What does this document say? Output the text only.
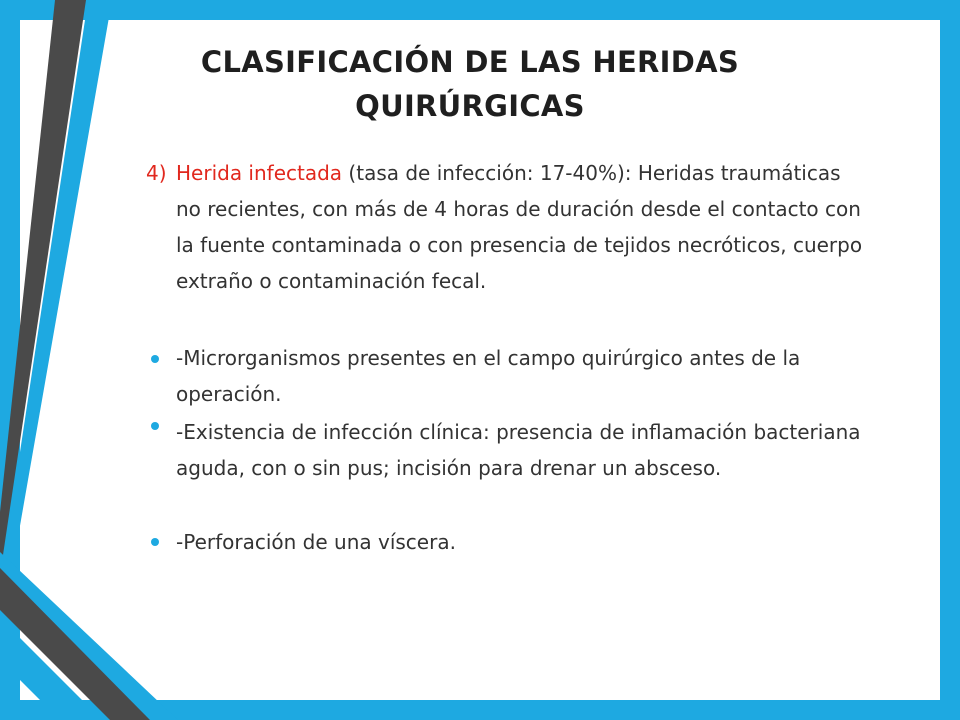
CLASIFICACIÓN DE LAS HERIDAS
QUIRÚRGICAS
4) Herida infectada (tasa de infección: 17-40%): Heridas traumáticas no recientes, con más de 4 horas de duración desde el contacto con la fuente contaminada o con presencia de tejidos necróticos, cuerpo extraño o contaminación fecal.
-Microrganismos presentes en el campo quirúrgico antes de la operación.
-Existencia de infección clínica: presencia de inflamación bacteriana aguda, con o sin pus; incisión para drenar un absceso.
-Perforación de una víscera.
